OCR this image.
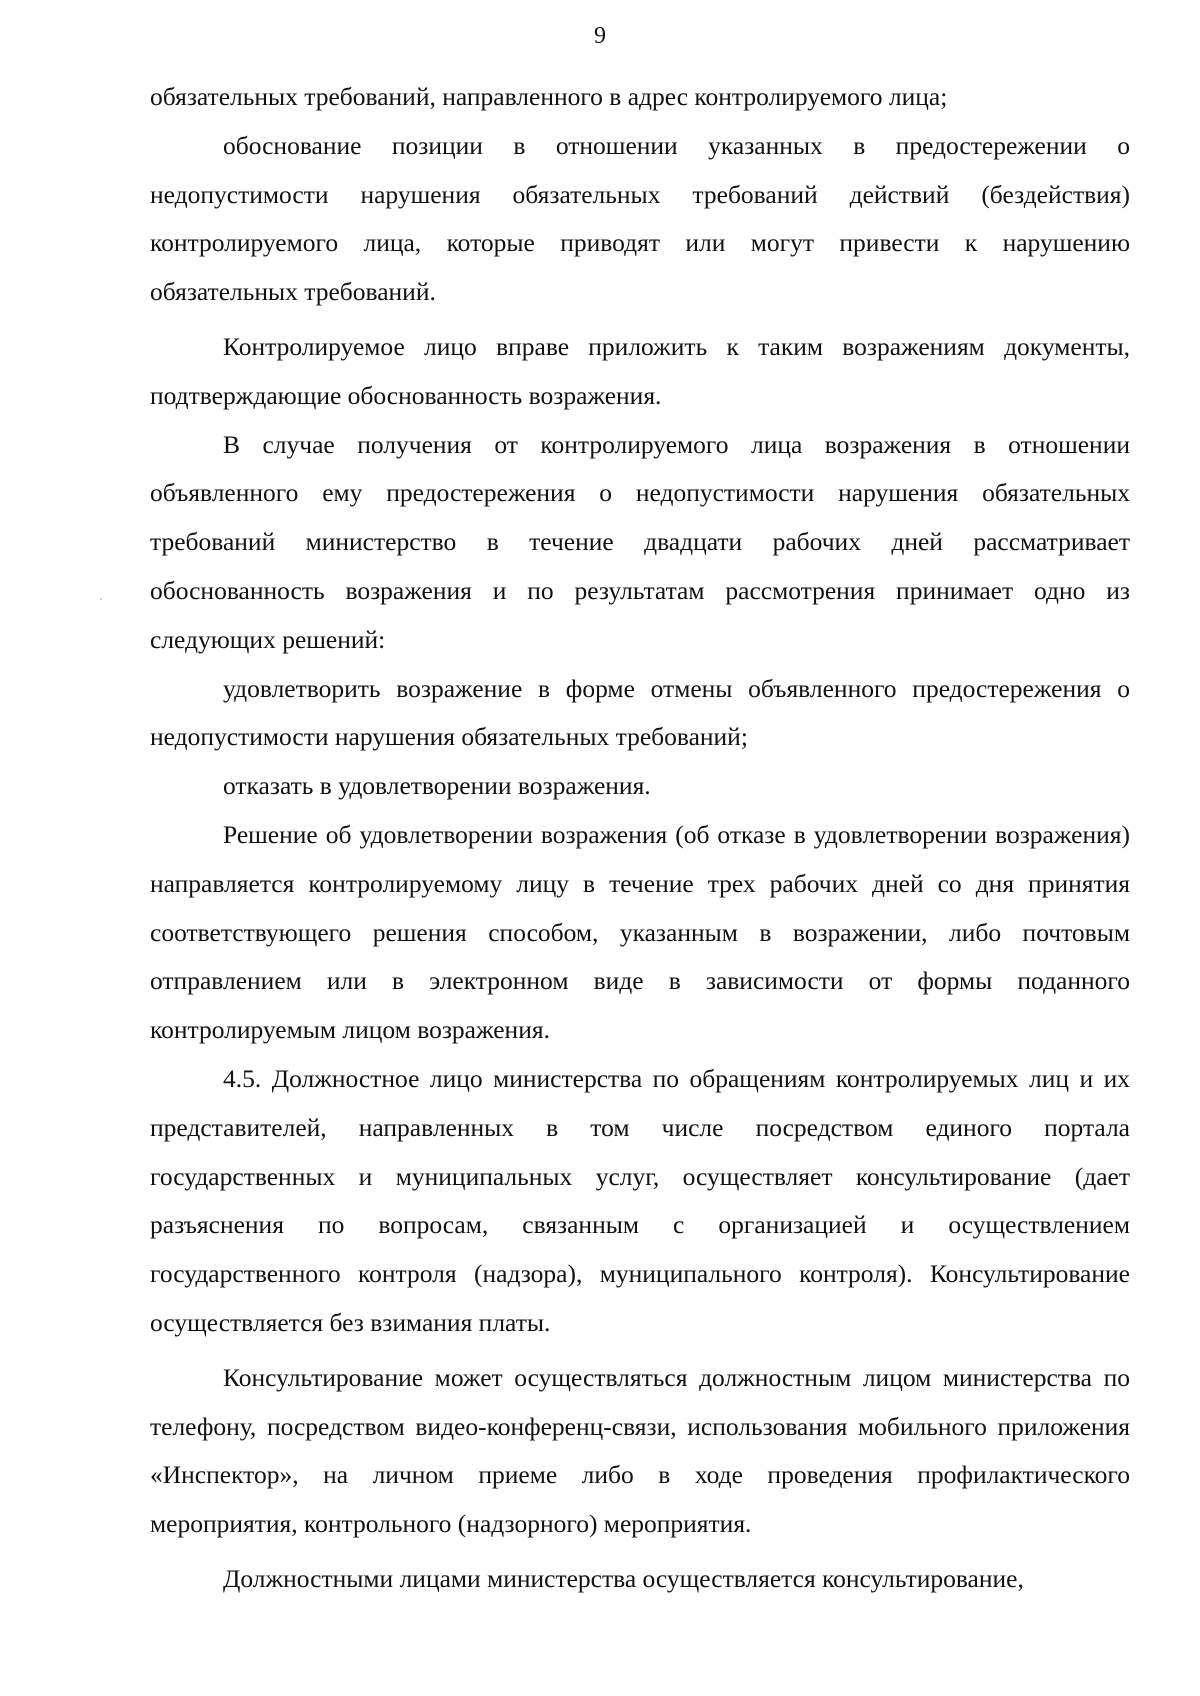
9

обязательных требований, направленного в адрес контролируемого лица;

обоснование позиции в отношении указанных в предостережении о недопустимости нарушения обязательных требований действий (бездействия) контролируемого лица, которые приводят или могут привести к нарушению обязательных требований.

Контролируемое лицо вправе приложить к таким возражениям документы, подтверждающие обоснованность возражения.

В случае получения от контролируемого лица возражения в отношении объявленного ему предостережения о недопустимости нарушения обязательных требований министерство в течение двадцати рабочих дней рассматривает обоснованность возражения и по результатам рассмотрения принимает одно из следующих решений:

удовлетворить возражение в форме отмены объявленного предостережения о недопустимости нарушения обязательных требований;

отказать в удовлетворении возражения.

Решение об удовлетворении возражения (об отказе в удовлетворении возражения) направляется контролируемому лицу в течение трех рабочих дней со дня принятия соответствующего решения способом, указанным в возражении, либо почтовым отправлением или в электронном виде в зависимости от формы поданного контролируемым лицом возражения.

4.5. Должностное лицо министерства по обращениям контролируемых лиц и их представителей, направленных в том числе посредством единого портала государственных и муниципальных услуг, осуществляет консультирование (дает разъяснения по вопросам, связанным с организацией и осуществлением государственного контроля (надзора), муниципального контроля). Консультирование осуществляется без взимания платы.

Консультирование может осуществляться должностным лицом министерства по телефону, посредством видео-конференц-связи, использования мобильного приложения «Инспектор», на личном приеме либо в ходе проведения профилактического мероприятия, контрольного (надзорного) мероприятия.

Должностными лицами министерства осуществляется консультирование,
